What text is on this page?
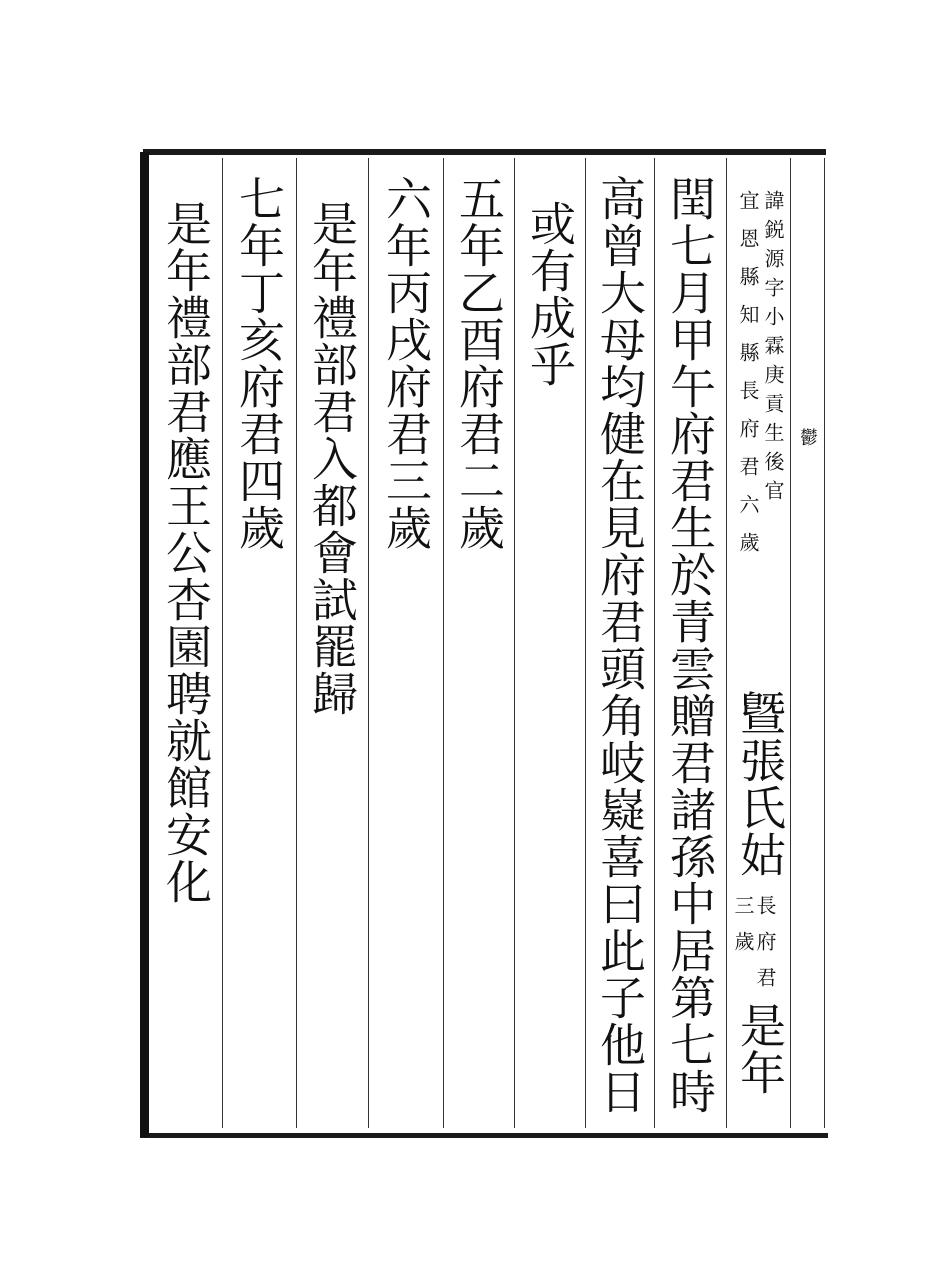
諱鋭源字小霖庚貢生後官
宜恩縣知縣長府君六歲
曁張氏姑
長府君
三歲
是年
閏七月甲午府君生於青雲贈君諸孫中居第七時
高曾大母均健在見府君頭角岐嶷喜曰此子他日
或有成乎
五年乙酉府君二歲
六年丙戌府君三歲
是年禮部君入都會試罷歸
七年丁亥府君四歲
是年禮部君應王公杏園聘就館安化	鬱
